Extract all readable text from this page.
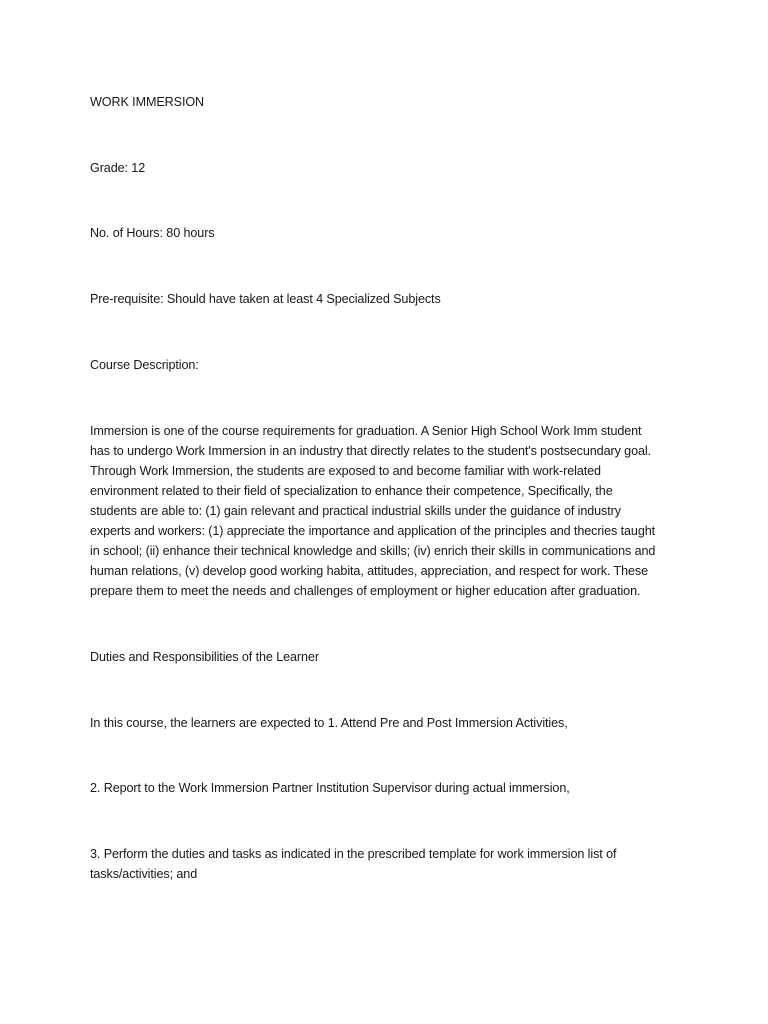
WORK IMMERSION
Grade: 12
No. of Hours: 80 hours
Pre-requisite: Should have taken at least 4 Specialized Subjects
Course Description:
Immersion is one of the course requirements for graduation. A Senior High School Work Imm student
has to undergo Work Immersion in an industry that directly relates to the student's postsecundary goal.
Through Work Immersion, the students are exposed to and become familiar with work-related
environment related to their field of specialization to enhance their competence, Specifically, the
students are able to: (1) gain relevant and practical industrial skills under the guidance of industry
experts and workers: (1) appreciate the importance and application of the principles and thecries taught
in school; (ii) enhance their technical knowledge and skills; (iv) enrich their skills in communications and
human relations, (v) develop good working habita, attitudes, appreciation, and respect for work. These
prepare them to meet the needs and challenges of employment or higher education after graduation.
Duties and Responsibilities of the Learner
In this course, the learners are expected to 1. Attend Pre and Post Immersion Activities,
2. Report to the Work Immersion Partner Institution Supervisor during actual immersion,
3. Perform the duties and tasks as indicated in the prescribed template for work immersion list of
tasks/activities; and
